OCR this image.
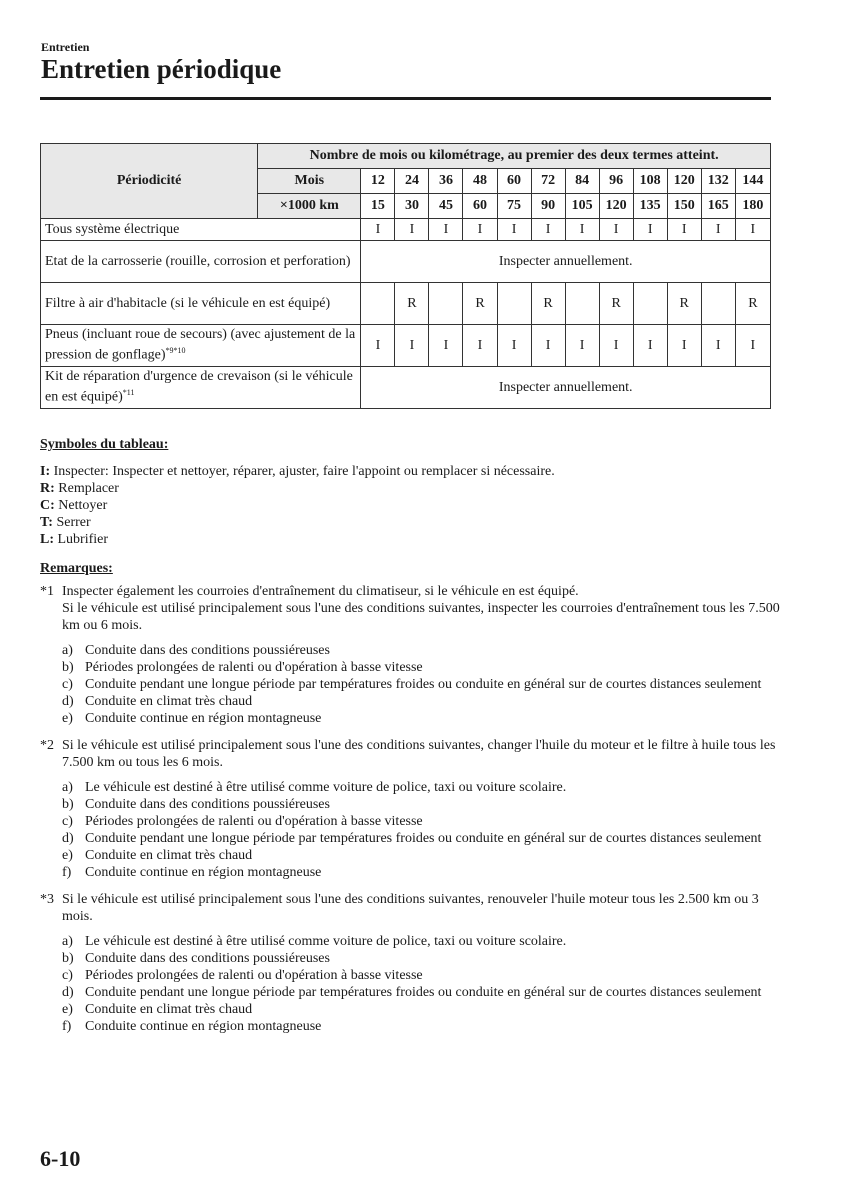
Entretien
Entretien périodique
Périodicité	Nombre de mois ou kilométrage, au premier des deux termes atteint.												
	Mois	12	24	36	48	60	72	84	96	108	120	132	144
	×1000 km	15	30	45	60	75	90	105	120	135	150	165	180
Tous système électrique		I	I	I	I	I	I	I	I	I	I	I	I
Etat de la carrosserie (rouille, corrosion et perforation)		Inspecter annuellement.											
Filtre à air d'habitacle (si le véhicule en est équipé)			R		R		R		R		R		R
Pneus (incluant roue de secours) (avec ajustement de la pression de gonflage)$^{*9*10}$		I	I	I	I	I	I	I	I	I	I	I	I
Kit de réparation d'urgence de crevaison (si le véhicule en est équipé)$^{*11}$		Inspecter annuellement.											
Symboles du tableau:
I: Inspecter: Inspecter et nettoyer, réparer, ajuster, faire l'appoint ou remplacer si nécessaire.
R: Remplacer
C: Nettoyer
T: Serrer
L: Lubrifier
Remarques:
*1 Inspecter également les courroies d'entraînement du climatiseur, si le véhicule en est équipé.
Si le véhicule est utilisé principalement sous l'une des conditions suivantes, inspecter les courroies d'entraînement tous les 7.500 km ou 6 mois.
a) Conduite dans des conditions poussiéreuses
b) Périodes prolongées de ralenti ou d'opération à basse vitesse
c) Conduite pendant une longue période par températures froides ou conduite en général sur de courtes distances seulement
d) Conduite en climat très chaud
e) Conduite continue en région montagneuse
*2 Si le véhicule est utilisé principalement sous l'une des conditions suivantes, changer l'huile du moteur et le filtre à huile tous les 7.500 km ou tous les 6 mois.
a) Le véhicule est destiné à être utilisé comme voiture de police, taxi ou voiture scolaire.
b) Conduite dans des conditions poussiéreuses
c) Périodes prolongées de ralenti ou d'opération à basse vitesse
d) Conduite pendant une longue période par températures froides ou conduite en général sur de courtes distances seulement
e) Conduite en climat très chaud
f) Conduite continue en région montagneuse
*3 Si le véhicule est utilisé principalement sous l'une des conditions suivantes, renouveler l'huile moteur tous les 2.500 km ou 3 mois.
a) Le véhicule est destiné à être utilisé comme voiture de police, taxi ou voiture scolaire.
b) Conduite dans des conditions poussiéreuses
c) Périodes prolongées de ralenti ou d'opération à basse vitesse
d) Conduite pendant une longue période par températures froides ou conduite en général sur de courtes distances seulement
e) Conduite en climat très chaud
f) Conduite continue en région montagneuse
6-10
